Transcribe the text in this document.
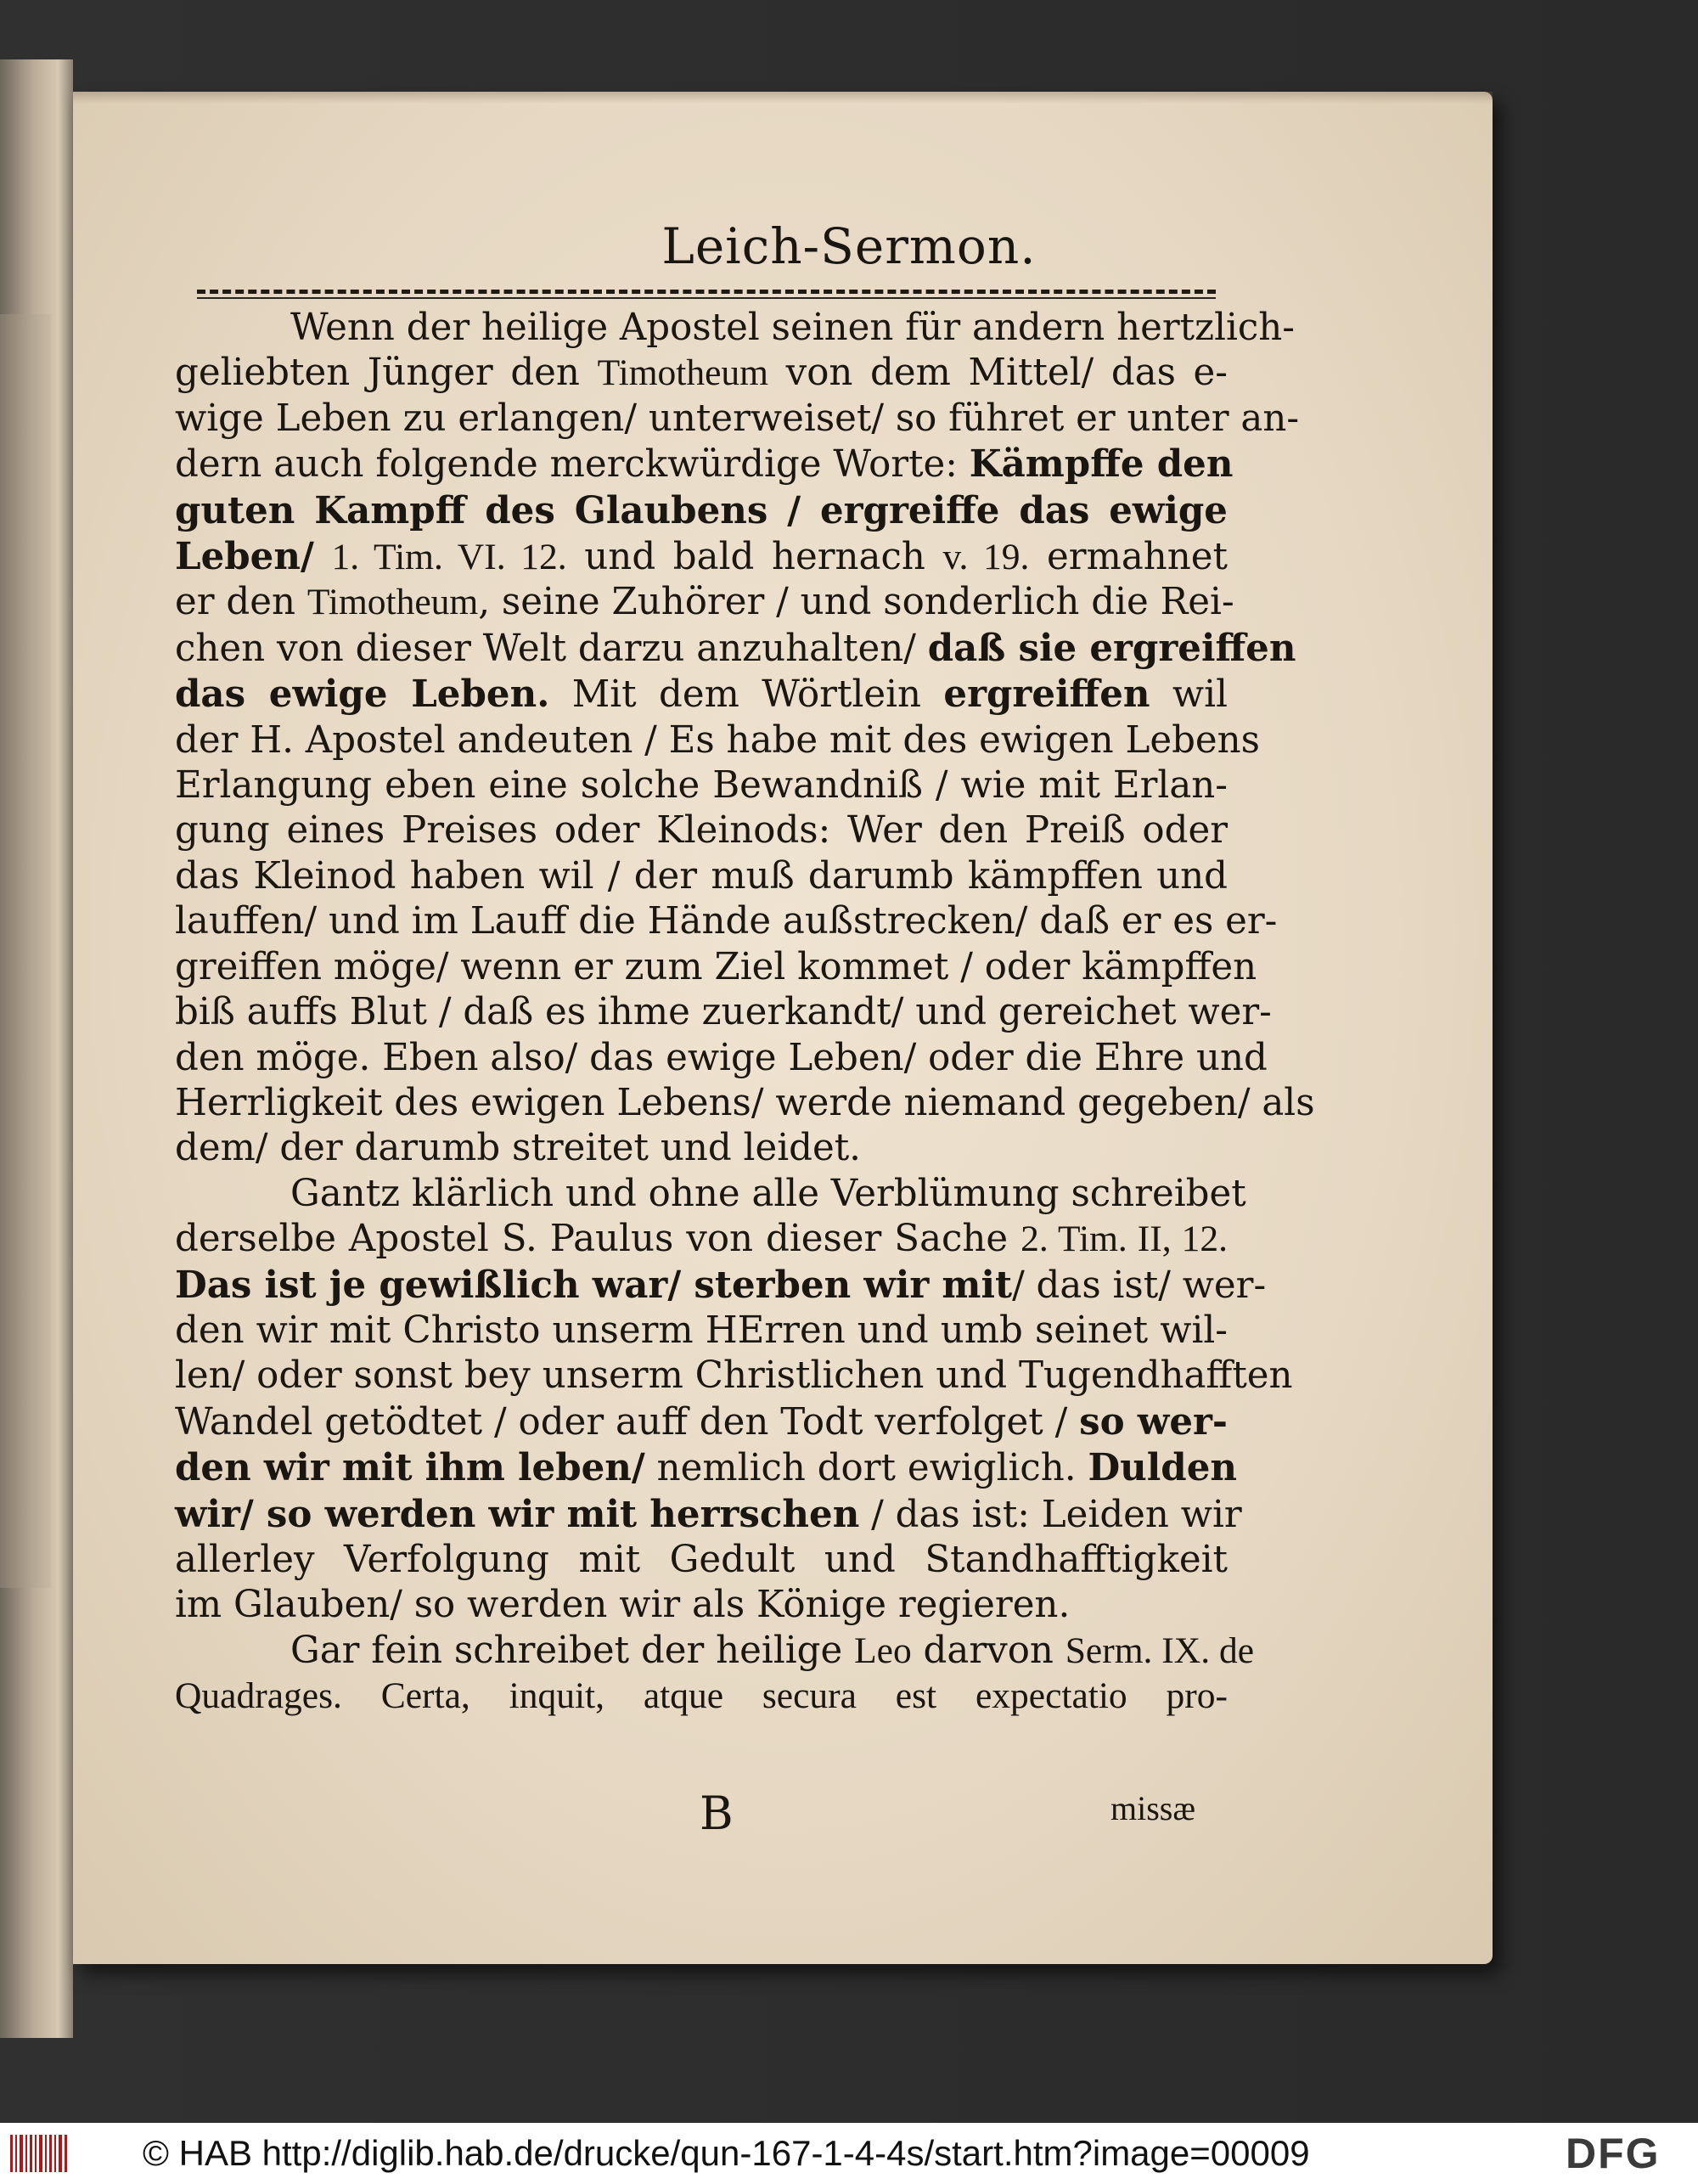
Leich-Sermon.
Wenn der heilige Apostel seinen für andern hertzlich-
geliebten Jünger den Timotheum von dem Mittel/ das e-
wige Leben zu erlangen/ unterweiset/ so führet er unter an-
dern auch folgende merckwürdige Worte: Kämpffe den
guten Kampff des Glaubens / ergreiffe das ewige
Leben/ 1. Tim. VI. 12. und bald hernach v. 19. ermahnet
er den Timotheum, seine Zuhörer / und sonderlich die Rei-
chen von dieser Welt darzu anzuhalten/ daß sie ergreiffen
das ewige Leben. Mit dem Wörtlein ergreiffen wil
der H. Apostel andeuten / Es habe mit des ewigen Lebens
Erlangung eben eine solche Bewandniß / wie mit Erlan-
gung eines Preises oder Kleinods: Wer den Preiß oder
das Kleinod haben wil / der muß darumb kämpffen und
lauffen/ und im Lauff die Hände außstrecken/ daß er es er-
greiffen möge/ wenn er zum Ziel kommet / oder kämpffen
biß auffs Blut / daß es ihme zuerkandt/ und gereichet wer-
den möge. Eben also/ das ewige Leben/ oder die Ehre und
Herrligkeit des ewigen Lebens/ werde niemand gegeben/ als
dem/ der darumb streitet und leidet.
Gantz klärlich und ohne alle Verblümung schreibet
derselbe Apostel S. Paulus von dieser Sache 2. Tim. II, 12.
Das ist je gewißlich war/ sterben wir mit/ das ist/ wer-
den wir mit Christo unserm HErren und umb seinet wil-
len/ oder sonst bey unserm Christlichen und Tugendhafften
Wandel getödtet / oder auff den Todt verfolget / so wer-
den wir mit ihm leben/ nemlich dort ewiglich. Dulden
wir/ so werden wir mit herrschen / das ist: Leiden wir
allerley Verfolgung mit Gedult und Standhafftigkeit
im Glauben/ so werden wir als Könige regieren.
Gar fein schreibet der heilige Leo darvon Serm. IX. de
Quadrages. Certa, inquit, atque secura est expectatio pro-
B	missæ
© HAB http://diglib.hab.de/drucke/qun-167-1-4-4s/start.htm?image=00009	DFG
